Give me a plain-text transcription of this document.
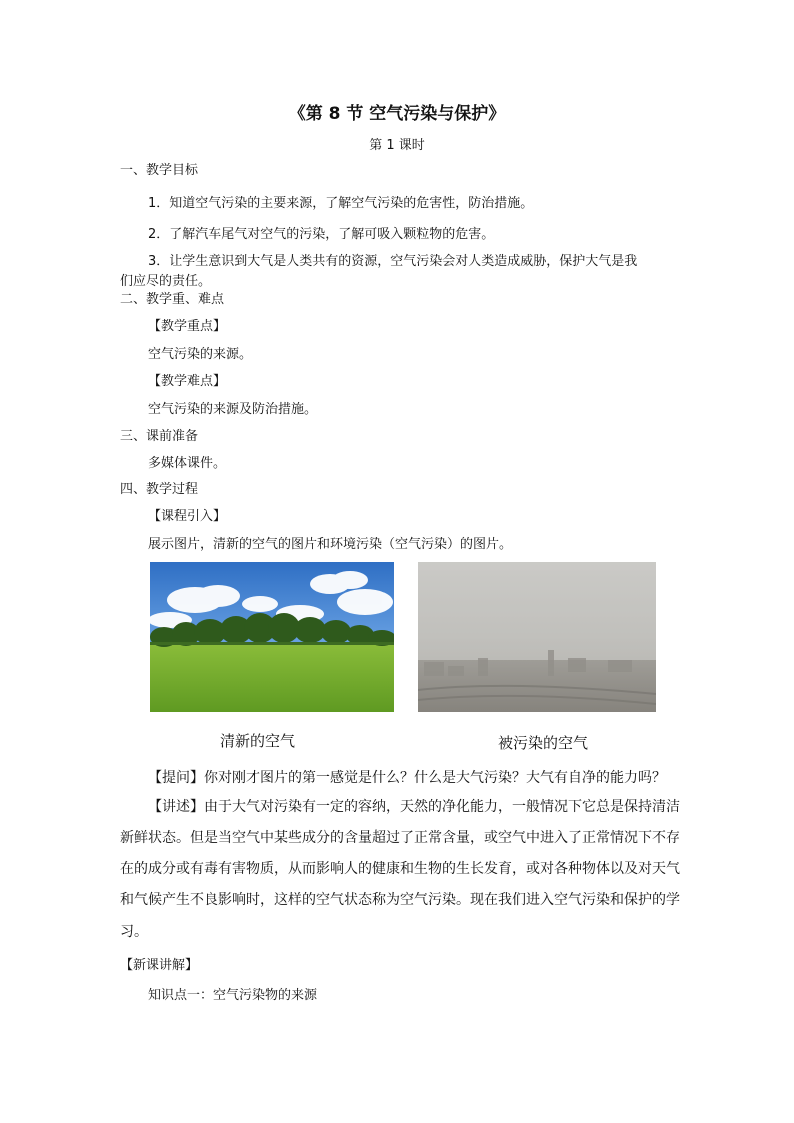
《第 8 节 空气污染与保护》
第 1 课时
一、教学目标
1．知道空气污染的主要来源，了解空气污染的危害性，防治措施。
2．了解汽车尾气对空气的污染，了解可吸入颗粒物的危害。
3．让学生意识到大气是人类共有的资源，空气污染会对人类造成威胁，保护大气是我
们应尽的责任。
二、教学重、难点
【教学重点】
空气污染的来源。
【教学难点】
空气污染的来源及防治措施。
三、课前准备
多媒体课件。
四、教学过程
【课程引入】
展示图片，清新的空气的图片和环境污染（空气污染）的图片。
清新的空气	被污染的空气
【提问】你对刚才图片的第一感觉是什么？什么是大气污染？大气有自净的能力吗？
【讲述】由于大气对污染有一定的容纳，天然的净化能力，一般情况下它总是保持清洁
新鲜状态。但是当空气中某些成分的含量超过了正常含量，或空气中进入了正常情况下不存
在的成分或有毒有害物质，从而影响人的健康和生物的生长发育，或对各种物体以及对天气
和气候产生不良影响时，这样的空气状态称为空气污染。现在我们进入空气污染和保护的学
习。
【新课讲解】
知识点一：空气污染物的来源
